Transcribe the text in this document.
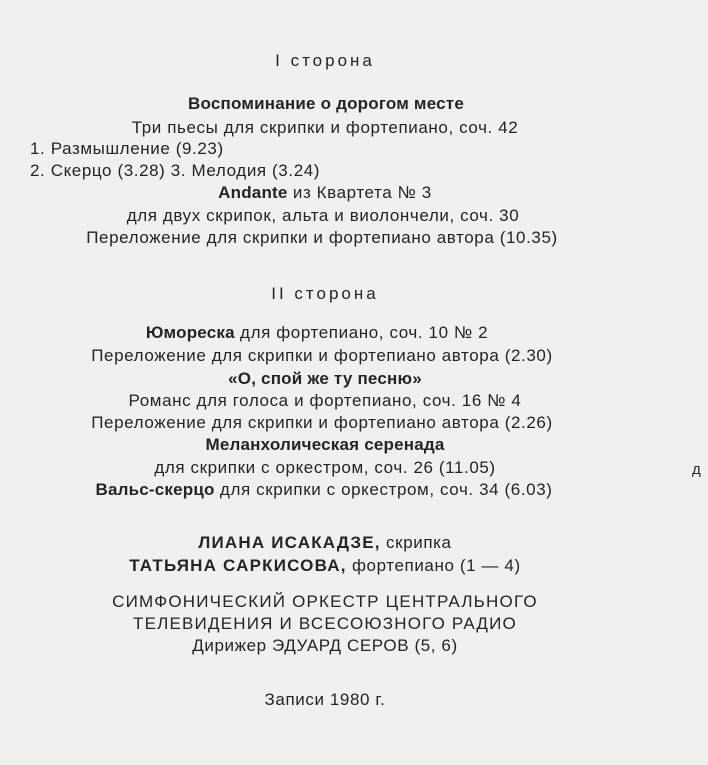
I сторона
Воспоминание о дорогом месте
Три пьесы для скрипки и фортепиано, соч. 42
1. Размышление (9.23)
2. Скерцо (3.28) 3. Мелодия (3.24)
Andante из Квартета № 3
для двух скрипок, альта и виолончели, соч. 30
Переложение для скрипки и фортепиано автора (10.35)
II сторона
Юмореска для фортепиано, соч. 10 № 2
Переложение для скрипки и фортепиано автора (2.30)
«О, спой же ту песню»
Романс для голоса и фортепиано, соч. 16 № 4
Переложение для скрипки и фортепиано автора (2.26)
Меланхолическая серенада
для скрипки с оркестром, соч. 26 (11.05)
Вальс-скерцо для скрипки с оркестром, соч. 34 (6.03)
ЛИАНА ИСАКАДЗЕ, скрипка
ТАТЬЯНА САРКИСОВА, фортепиано (1 — 4)
СИМФОНИЧЕСКИЙ ОРКЕСТР ЦЕНТРАЛЬНОГО
ТЕЛЕВИДЕНИЯ И ВСЕСОЮЗНОГО РАДИО
Дирижер ЭДУАРД СЕРОВ (5, 6)
Записи 1980 г.
д
